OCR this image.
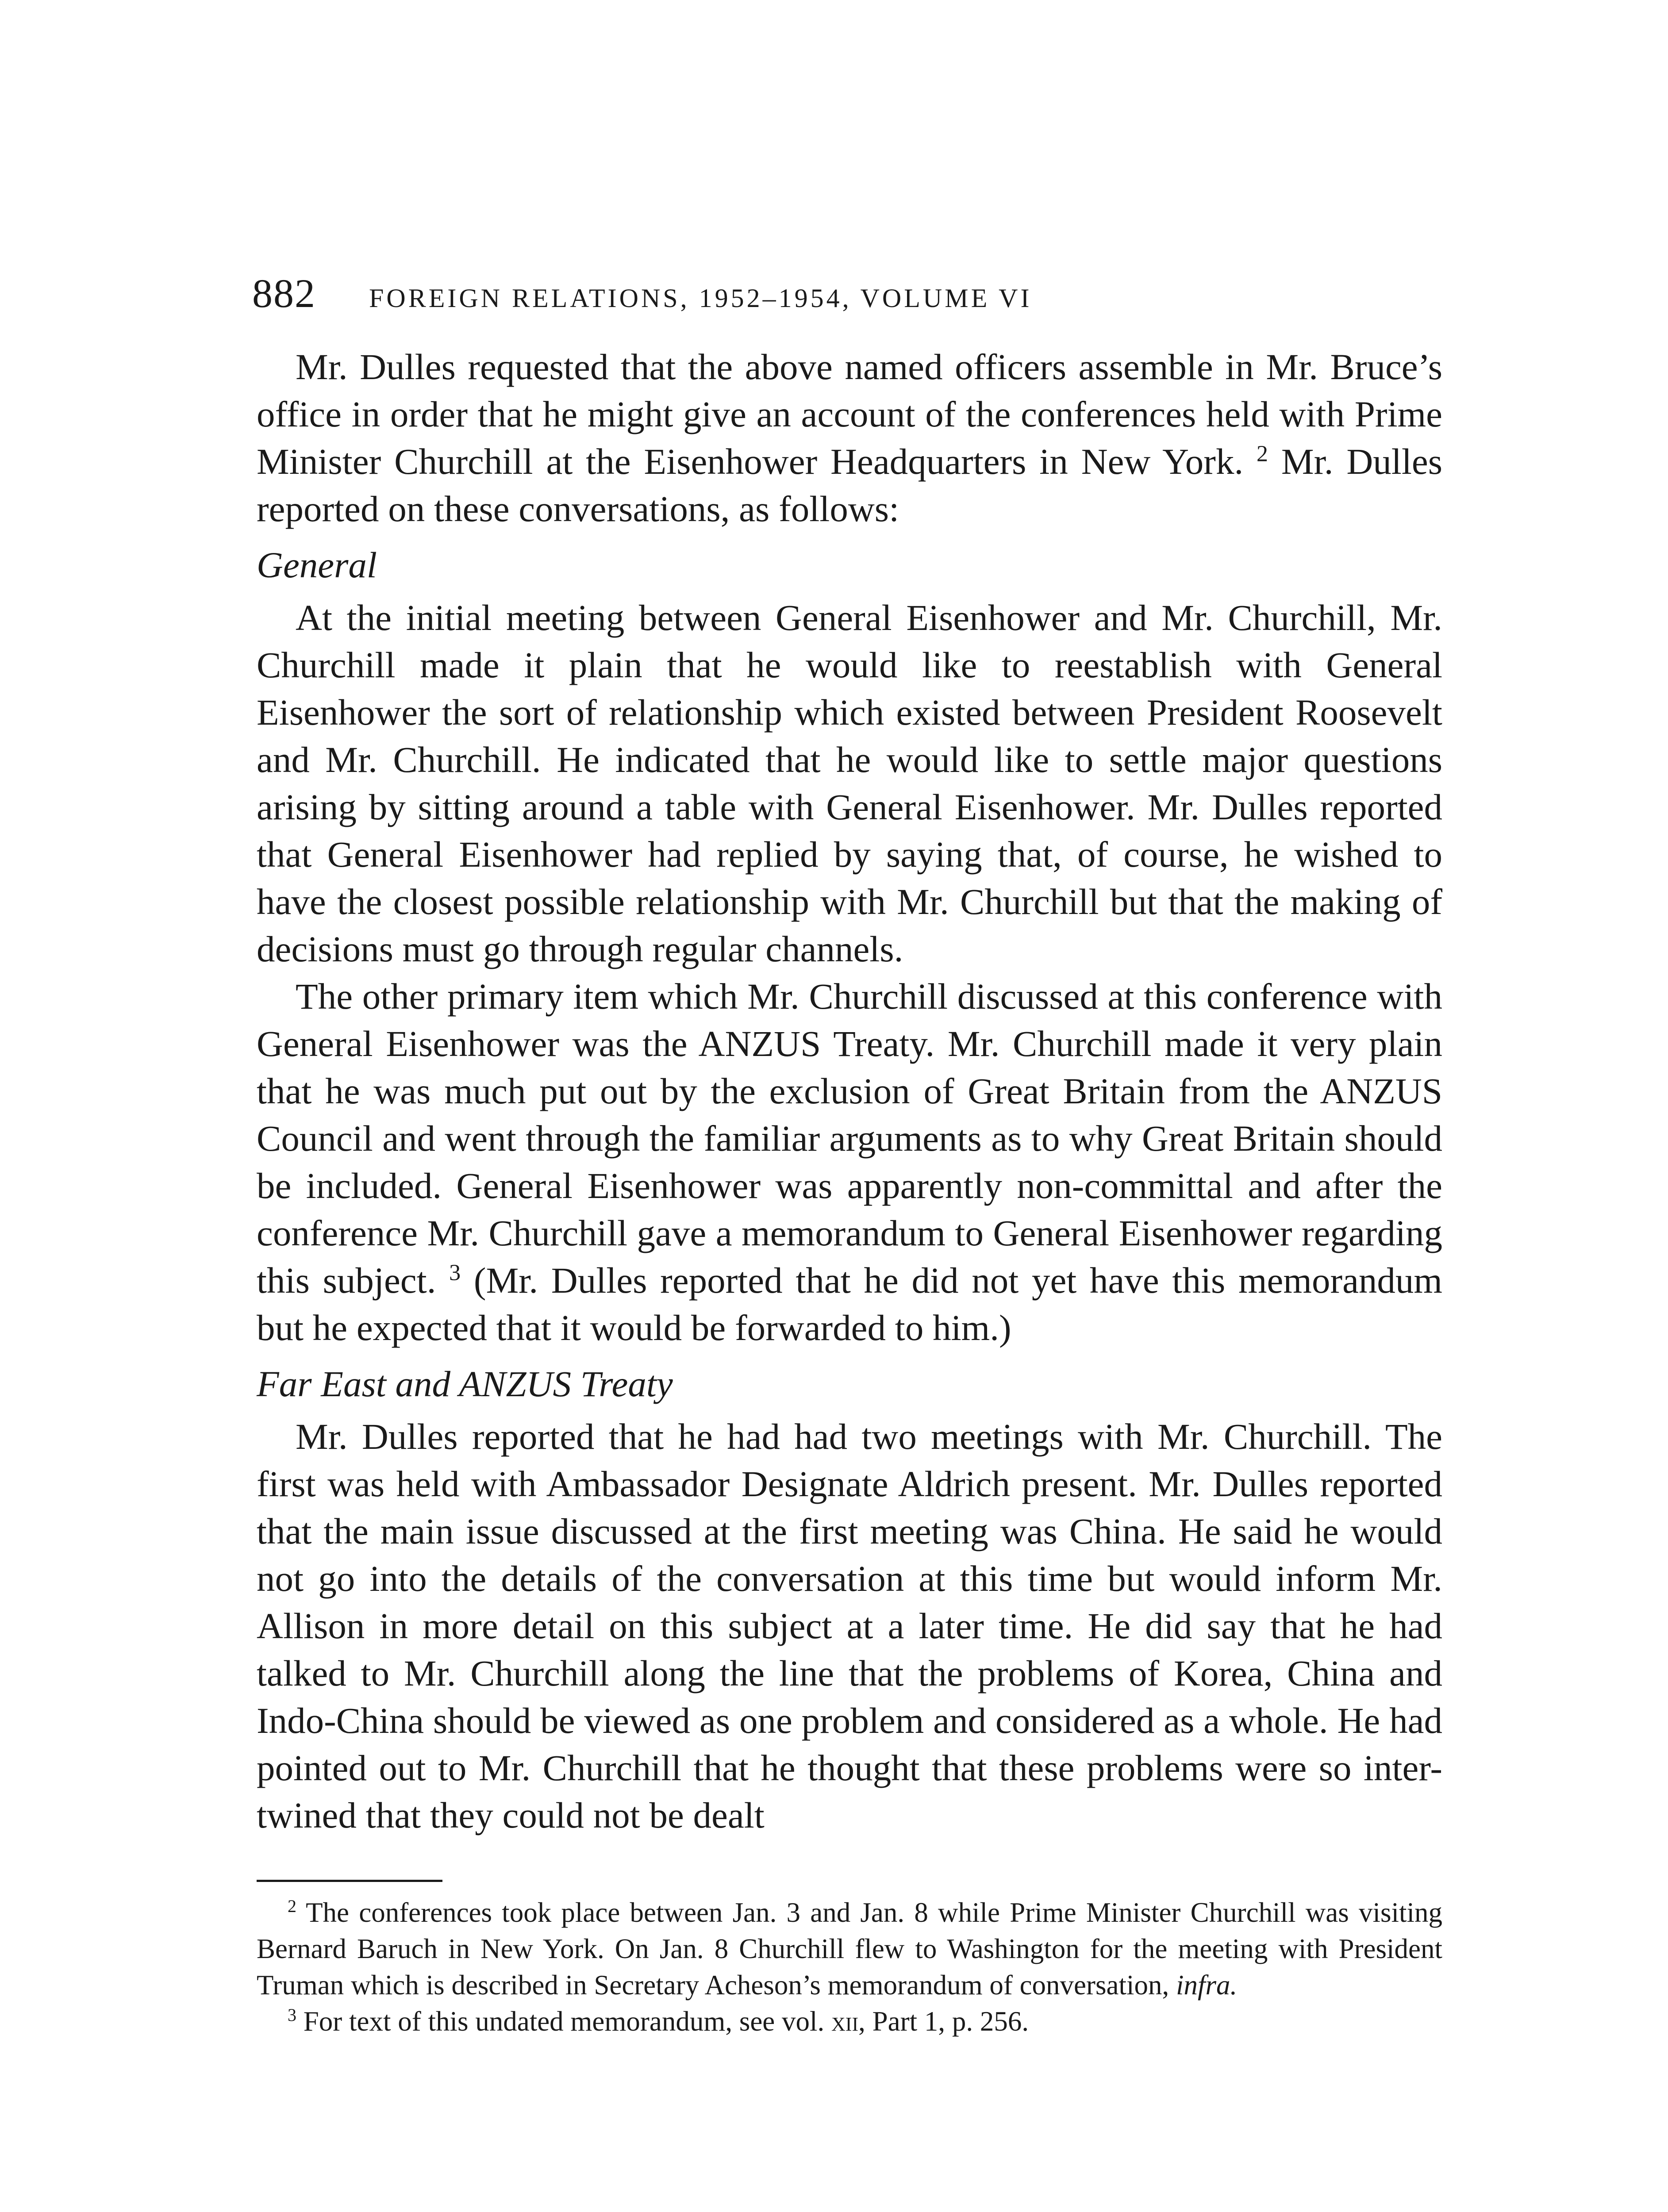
882 FOREIGN RELATIONS, 1952–1954, VOLUME VI

Mr. Dulles requested that the above named officers assemble in Mr. Bruce’s office in order that he might give an account of the conferences held with Prime Minister Churchill at the Eisenhower Headquarters in New York. $^2$ Mr. Dulles reported on these conversations, as follows:

General

At the initial meeting between General Eisenhower and Mr. Churchill, Mr. Churchill made it plain that he would like to reestablish with General Eisenhower the sort of relationship which existed between President Roosevelt and Mr. Churchill. He indicated that he would like to settle major questions arising by sitting around a table with General Eisenhower. Mr. Dulles reported that General Eisenhower had replied by saying that, of course, he wished to have the closest possible relationship with Mr. Churchill but that the making of decisions must go through regular channels.

The other primary item which Mr. Churchill discussed at this conference with General Eisenhower was the ANZUS Treaty. Mr. Churchill made it very plain that he was much put out by the exclusion of Great Britain from the ANZUS Council and went through the familiar arguments as to why Great Britain should be included. General Eisenhower was apparently non-committal and after the conference Mr. Churchill gave a memorandum to General Eisenhower regarding this subject. $^3$ (Mr. Dulles reported that he did not yet have this memorandum but he expected that it would be forwarded to him.)

Far East and ANZUS Treaty

Mr. Dulles reported that he had had two meetings with Mr. Churchill. The first was held with Ambassador Designate Aldrich present. Mr. Dulles reported that the main issue discussed at the first meeting was China. He said he would not go into the details of the conversation at this time but would inform Mr. Allison in more detail on this subject at a later time. He did say that he had talked to Mr. Churchill along the line that the problems of Korea, China and Indo-China should be viewed as one problem and considered as a whole. He had pointed out to Mr. Churchill that he thought that these problems were so inter-twined that they could not be dealt

$^2$ The conferences took place between Jan. 3 and Jan. 8 while Prime Minister Churchill was visiting Bernard Baruch in New York. On Jan. 8 Churchill flew to Washington for the meeting with President Truman which is described in Secretary Acheson’s memorandum of conversation, infra.

$^3$ For text of this undated memorandum, see vol. xii, Part 1, p. 256.
